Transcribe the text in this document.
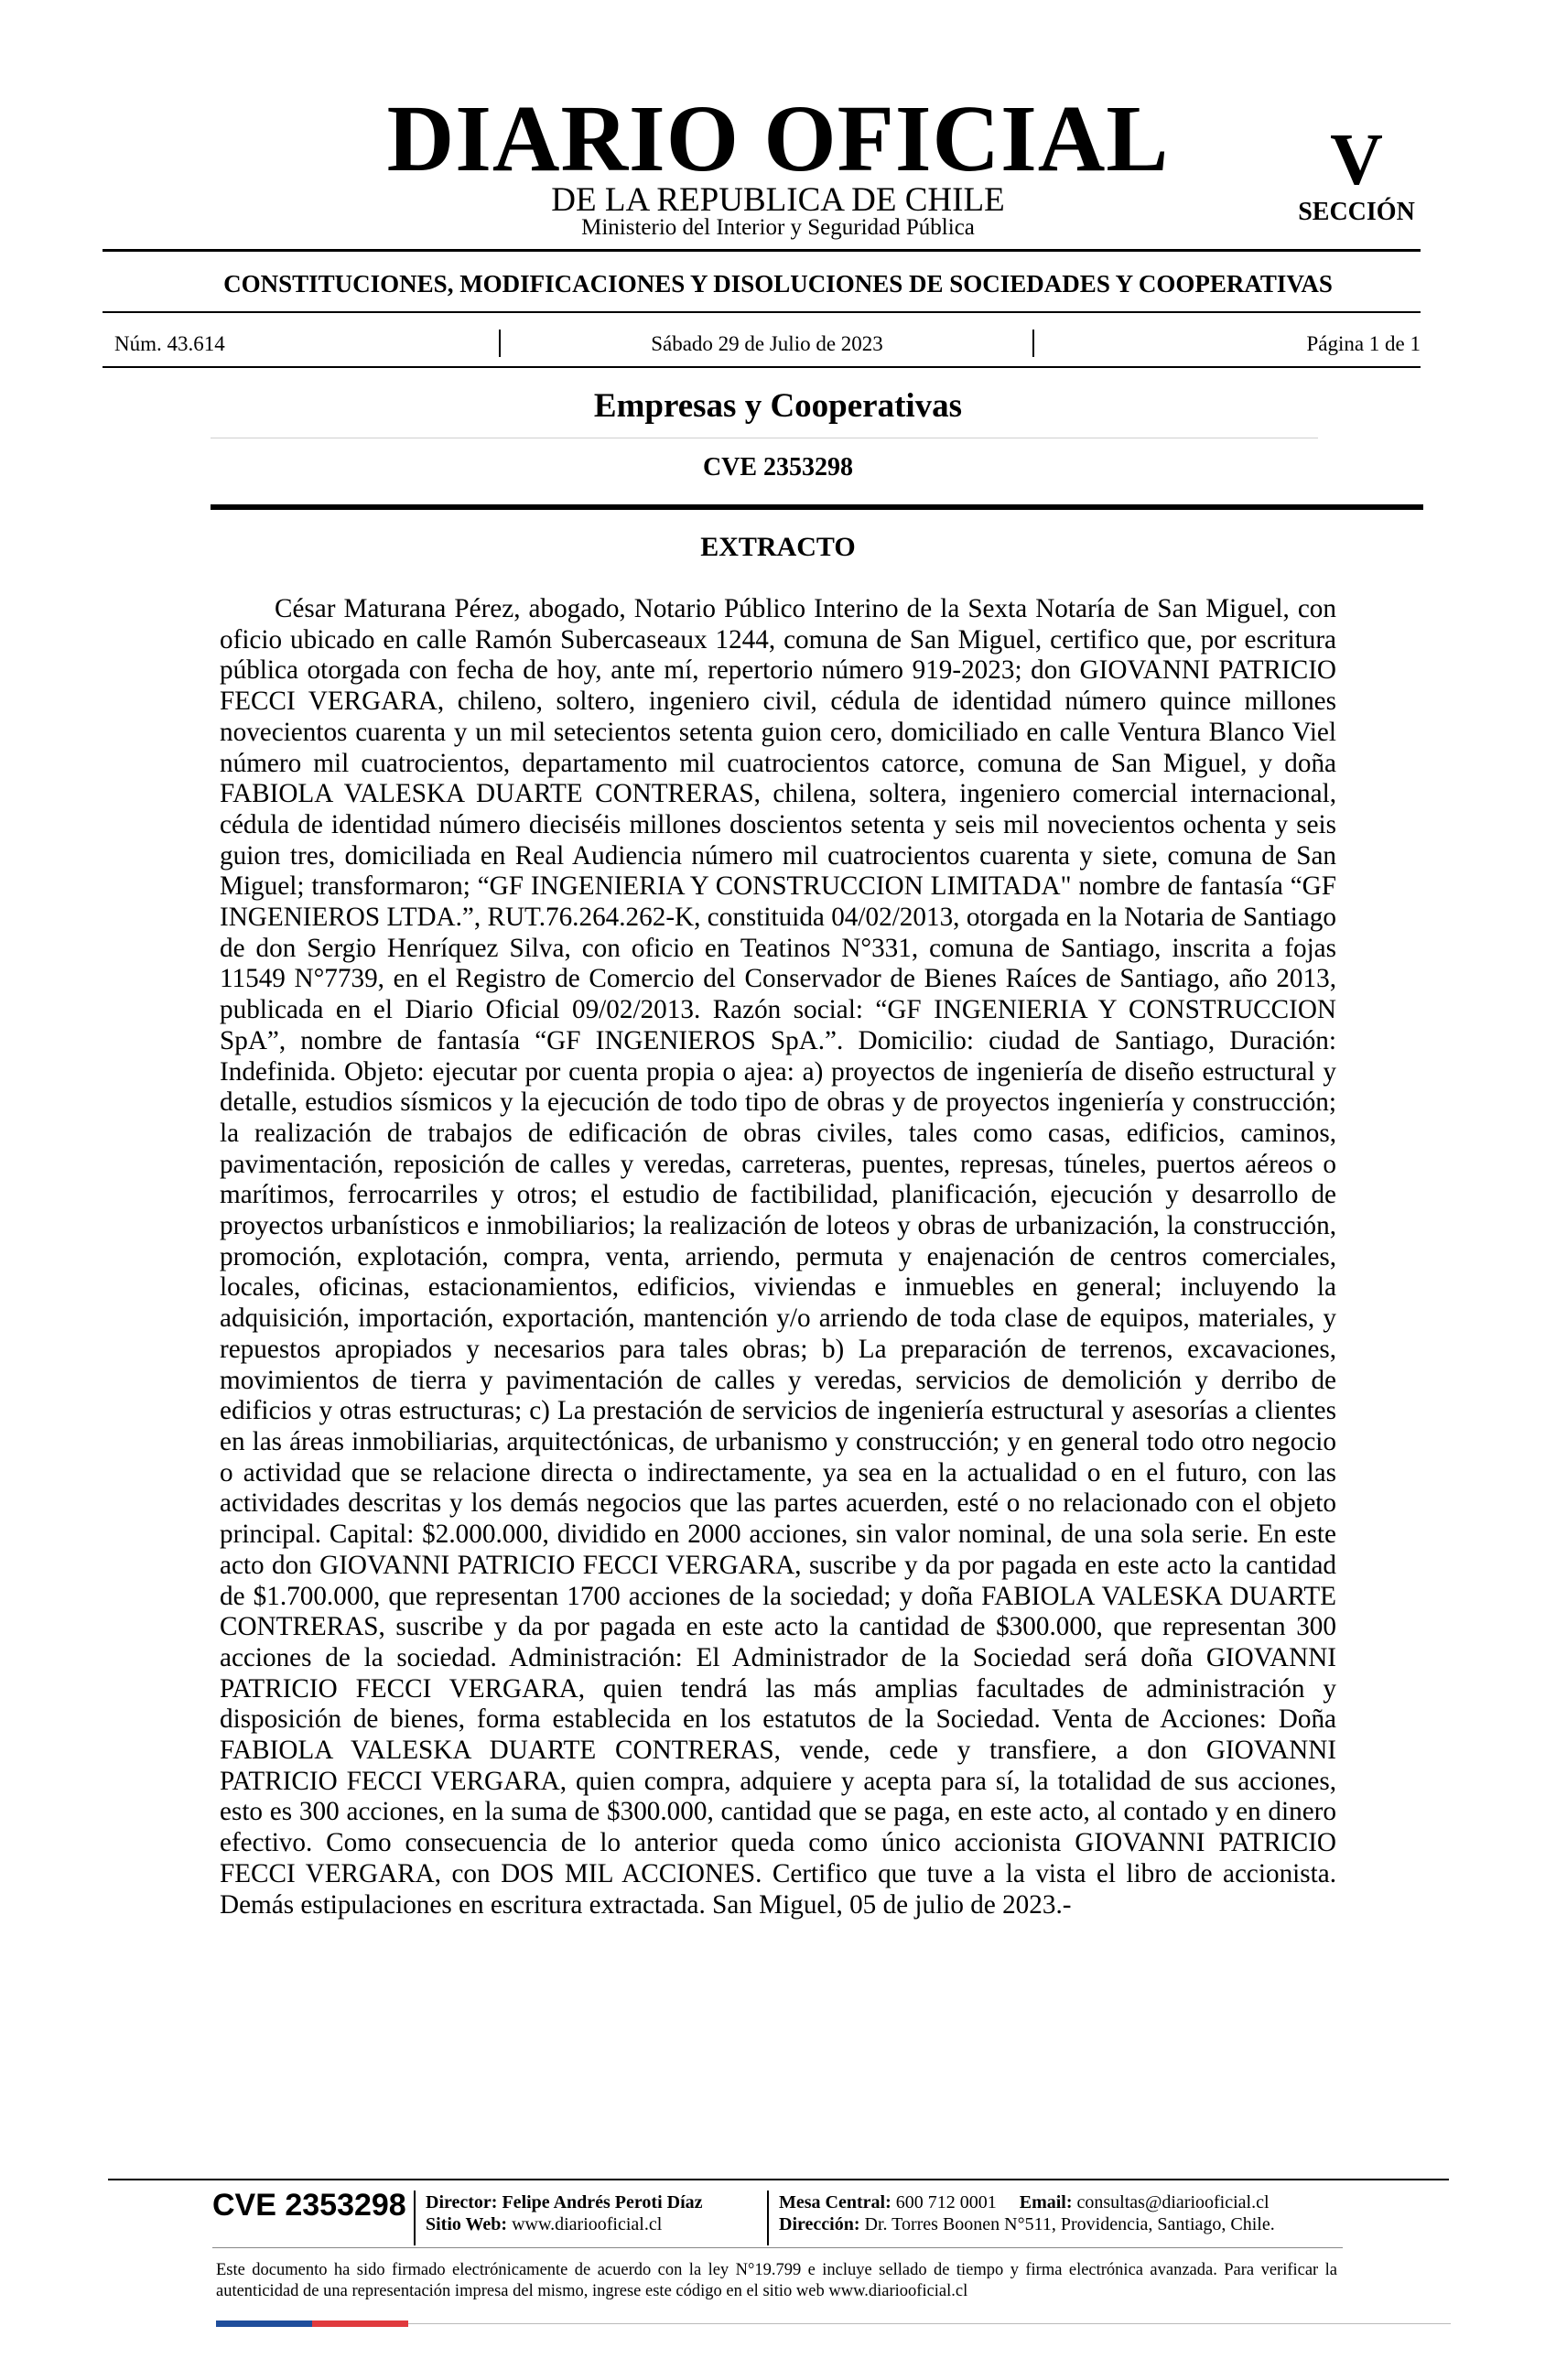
DIARIO OFICIAL
DE LA REPUBLICA DE CHILE
Ministerio del Interior y Seguridad Pública
V
SECCIÓN
CONSTITUCIONES, MODIFICACIONES Y DISOLUCIONES DE SOCIEDADES Y COOPERATIVAS
Núm. 43.614	Sábado 29 de Julio de 2023	Página 1 de 1
Empresas y Cooperativas
CVE 2353298
EXTRACTO

César Maturana Pérez, abogado, Notario Público Interino de la Sexta Notaría de San Miguel, con oficio ubicado en calle Ramón Subercaseaux 1244, comuna de San Miguel, certifico que, por escritura pública otorgada con fecha de hoy, ante mí, repertorio número 919-2023; don GIOVANNI PATRICIO FECCI VERGARA, chileno, soltero, ingeniero civil, cédula de identidad número quince millones novecientos cuarenta y un mil setecientos setenta guion cero, domiciliado en calle Ventura Blanco Viel número mil cuatrocientos, departamento mil cuatrocientos catorce, comuna de San Miguel, y doña FABIOLA VALESKA DUARTE CONTRERAS, chilena, soltera, ingeniero comercial internacional, cédula de identidad número dieciséis millones doscientos setenta y seis mil novecientos ochenta y seis guion tres, domiciliada en Real Audiencia número mil cuatrocientos cuarenta y siete, comuna de San Miguel; transformaron; “GF INGENIERIA Y CONSTRUCCION LIMITADA" nombre de fantasía “GF INGENIEROS LTDA.”, RUT.76.264.262-K, constituida 04/02/2013, otorgada en la Notaria de Santiago de don Sergio Henríquez Silva, con oficio en Teatinos N°331, comuna de Santiago, inscrita a fojas 11549 N°7739, en el Registro de Comercio del Conservador de Bienes Raíces de Santiago, año 2013, publicada en el Diario Oficial 09/02/2013. Razón social: “GF INGENIERIA Y CONSTRUCCION SpA”, nombre de fantasía “GF INGENIEROS SpA.”. Domicilio: ciudad de Santiago, Duración: Indefinida. Objeto: ejecutar por cuenta propia o ajea: a) proyectos de ingeniería de diseño estructural y detalle, estudios sísmicos y la ejecución de todo tipo de obras y de proyectos ingeniería y construcción; la realización de trabajos de edificación de obras civiles, tales como casas, edificios, caminos, pavimentación, reposición de calles y veredas, carreteras, puentes, represas, túneles, puertos aéreos o marítimos, ferrocarriles y otros; el estudio de factibilidad, planificación, ejecución y desarrollo de proyectos urbanísticos e inmobiliarios; la realización de loteos y obras de urbanización, la construcción, promoción, explotación, compra, venta, arriendo, permuta y enajenación de centros comerciales, locales, oficinas, estacionamientos, edificios, viviendas e inmuebles en general; incluyendo la adquisición, importación, exportación, mantención y/o arriendo de toda clase de equipos, materiales, y repuestos apropiados y necesarios para tales obras; b) La preparación de terrenos, excavaciones, movimientos de tierra y pavimentación de calles y veredas, servicios de demolición y derribo de edificios y otras estructuras; c) La prestación de servicios de ingeniería estructural y asesorías a clientes en las áreas inmobiliarias, arquitectónicas, de urbanismo y construcción; y en general todo otro negocio o actividad que se relacione directa o indirectamente, ya sea en la actualidad o en el futuro, con las actividades descritas y los demás negocios que las partes acuerden, esté o no relacionado con el objeto principal. Capital: $2.000.000, dividido en 2000 acciones, sin valor nominal, de una sola serie. En este acto don GIOVANNI PATRICIO FECCI VERGARA, suscribe y da por pagada en este acto la cantidad de $1.700.000, que representan 1700 acciones de la sociedad; y doña FABIOLA VALESKA DUARTE CONTRERAS, suscribe y da por pagada en este acto la cantidad de $300.000, que representan 300 acciones de la sociedad. Administración: El Administrador de la Sociedad será doña GIOVANNI PATRICIO FECCI VERGARA, quien tendrá las más amplias facultades de administración y disposición de bienes, forma establecida en los estatutos de la Sociedad. Venta de Acciones: Doña FABIOLA VALESKA DUARTE CONTRERAS, vende, cede y transfiere, a don GIOVANNI PATRICIO FECCI VERGARA, quien compra, adquiere y acepta para sí, la totalidad de sus acciones, esto es 300 acciones, en la suma de $300.000, cantidad que se paga, en este acto, al contado y en dinero efectivo. Como consecuencia de lo anterior queda como único accionista GIOVANNI PATRICIO FECCI VERGARA, con DOS MIL ACCIONES. Certifico que tuve a la vista el libro de accionista. Demás estipulaciones en escritura extractada. San Miguel, 05 de julio de 2023.-

CVE 2353298 Director: Felipe Andrés Peroti Díaz
Sitio Web: www.diariooficial.cl
Mesa Central: 600 712 0001 Email: consultas@diariooficial.cl
Dirección: Dr. Torres Boonen N°511, Providencia, Santiago, Chile.

Este documento ha sido firmado electrónicamente de acuerdo con la ley N°19.799 e incluye sellado de tiempo y firma electrónica avanzada. Para verificar la autenticidad de una representación impresa del mismo, ingrese este código en el sitio web www.diariooficial.cl
